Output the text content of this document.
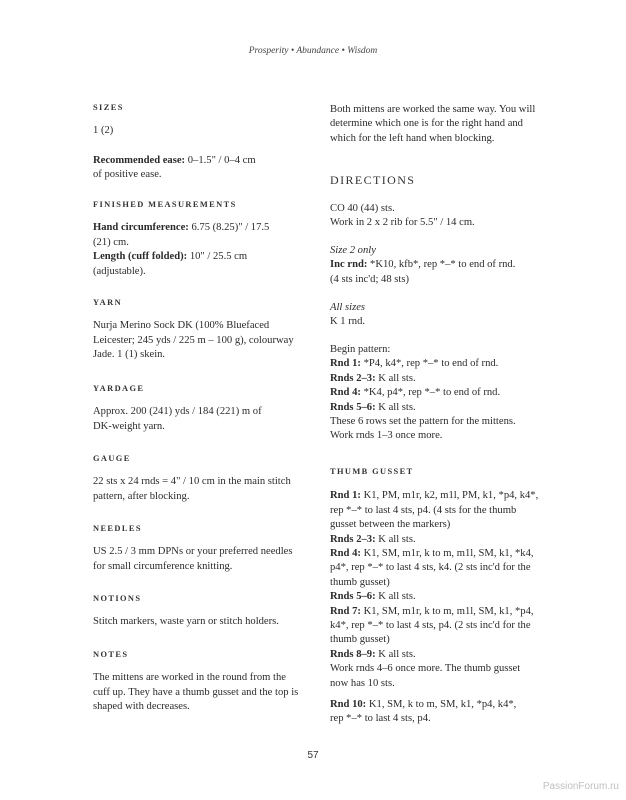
Prosperity • Abundance • Wisdom
SIZES

1 (2)

Recommended ease: 0–1.5" / 0–4 cm

of positive ease.

FINISHED MEASUREMENTS

Hand circumference: 6.75 (8.25)" / 17.5

(21) cm.

Length (cuff folded): 10" / 25.5 cm

(adjustable).

YARN

Nurja Merino Sock DK (100% Bluefaced

Leicester; 245 yds / 225 m – 100 g), colourway

Jade. 1 (1) skein.

YARDAGE

Approx. 200 (241) yds / 184 (221) m of

DK-weight yarn.

GAUGE

22 sts x 24 rnds = 4" / 10 cm in the main stitch

pattern, after blocking.

NEEDLES

US 2.5 / 3 mm DPNs or your preferred needles

for small circumference knitting.

NOTIONS

Stitch markers, waste yarn or stitch holders.

NOTES

The mittens are worked in the round from the

cuff up. They have a thumb gusset and the top is

shaped with decreases.

Both mittens are worked the same way. You will

determine which one is for the right hand and

which for the left hand when blocking.

DIRECTIONS

CO 40 (44) sts.

Work in 2 x 2 rib for 5.5" / 14 cm.

Size 2 only

Inc rnd: *K10, kfb*, rep *–* to end of rnd.

(4 sts inc'd; 48 sts)

All sizes

K 1 rnd.

Begin pattern:

Rnd 1: *P4, k4*, rep *–* to end of rnd.

Rnds 2–3: K all sts.

Rnd 4: *K4, p4*, rep *–* to end of rnd.

Rnds 5–6: K all sts.

These 6 rows set the pattern for the mittens.

Work rnds 1–3 once more.

THUMB GUSSET

Rnd 1: K1, PM, m1r, k2, m1l, PM, k1, *p4, k4*,

rep *–* to last 4 sts, p4. (4 sts for the thumb

gusset between the markers)

Rnds 2–3: K all sts.

Rnd 4: K1, SM, m1r, k to m, m1l, SM, k1, *k4,

p4*, rep *–* to last 4 sts, k4. (2 sts inc'd for the

thumb gusset)

Rnds 5–6: K all sts.

Rnd 7: K1, SM, m1r, k to m, m1l, SM, k1, *p4,

k4*, rep *–* to last 4 sts, p4. (2 sts inc'd for the

thumb gusset)

Rnds 8–9: K all sts.

Work rnds 4–6 once more. The thumb gusset

now has 10 sts.

Rnd 10: K1, SM, k to m, SM, k1, *p4, k4*,

rep *–* to last 4 sts, p4.

57
PassionForum.ru
